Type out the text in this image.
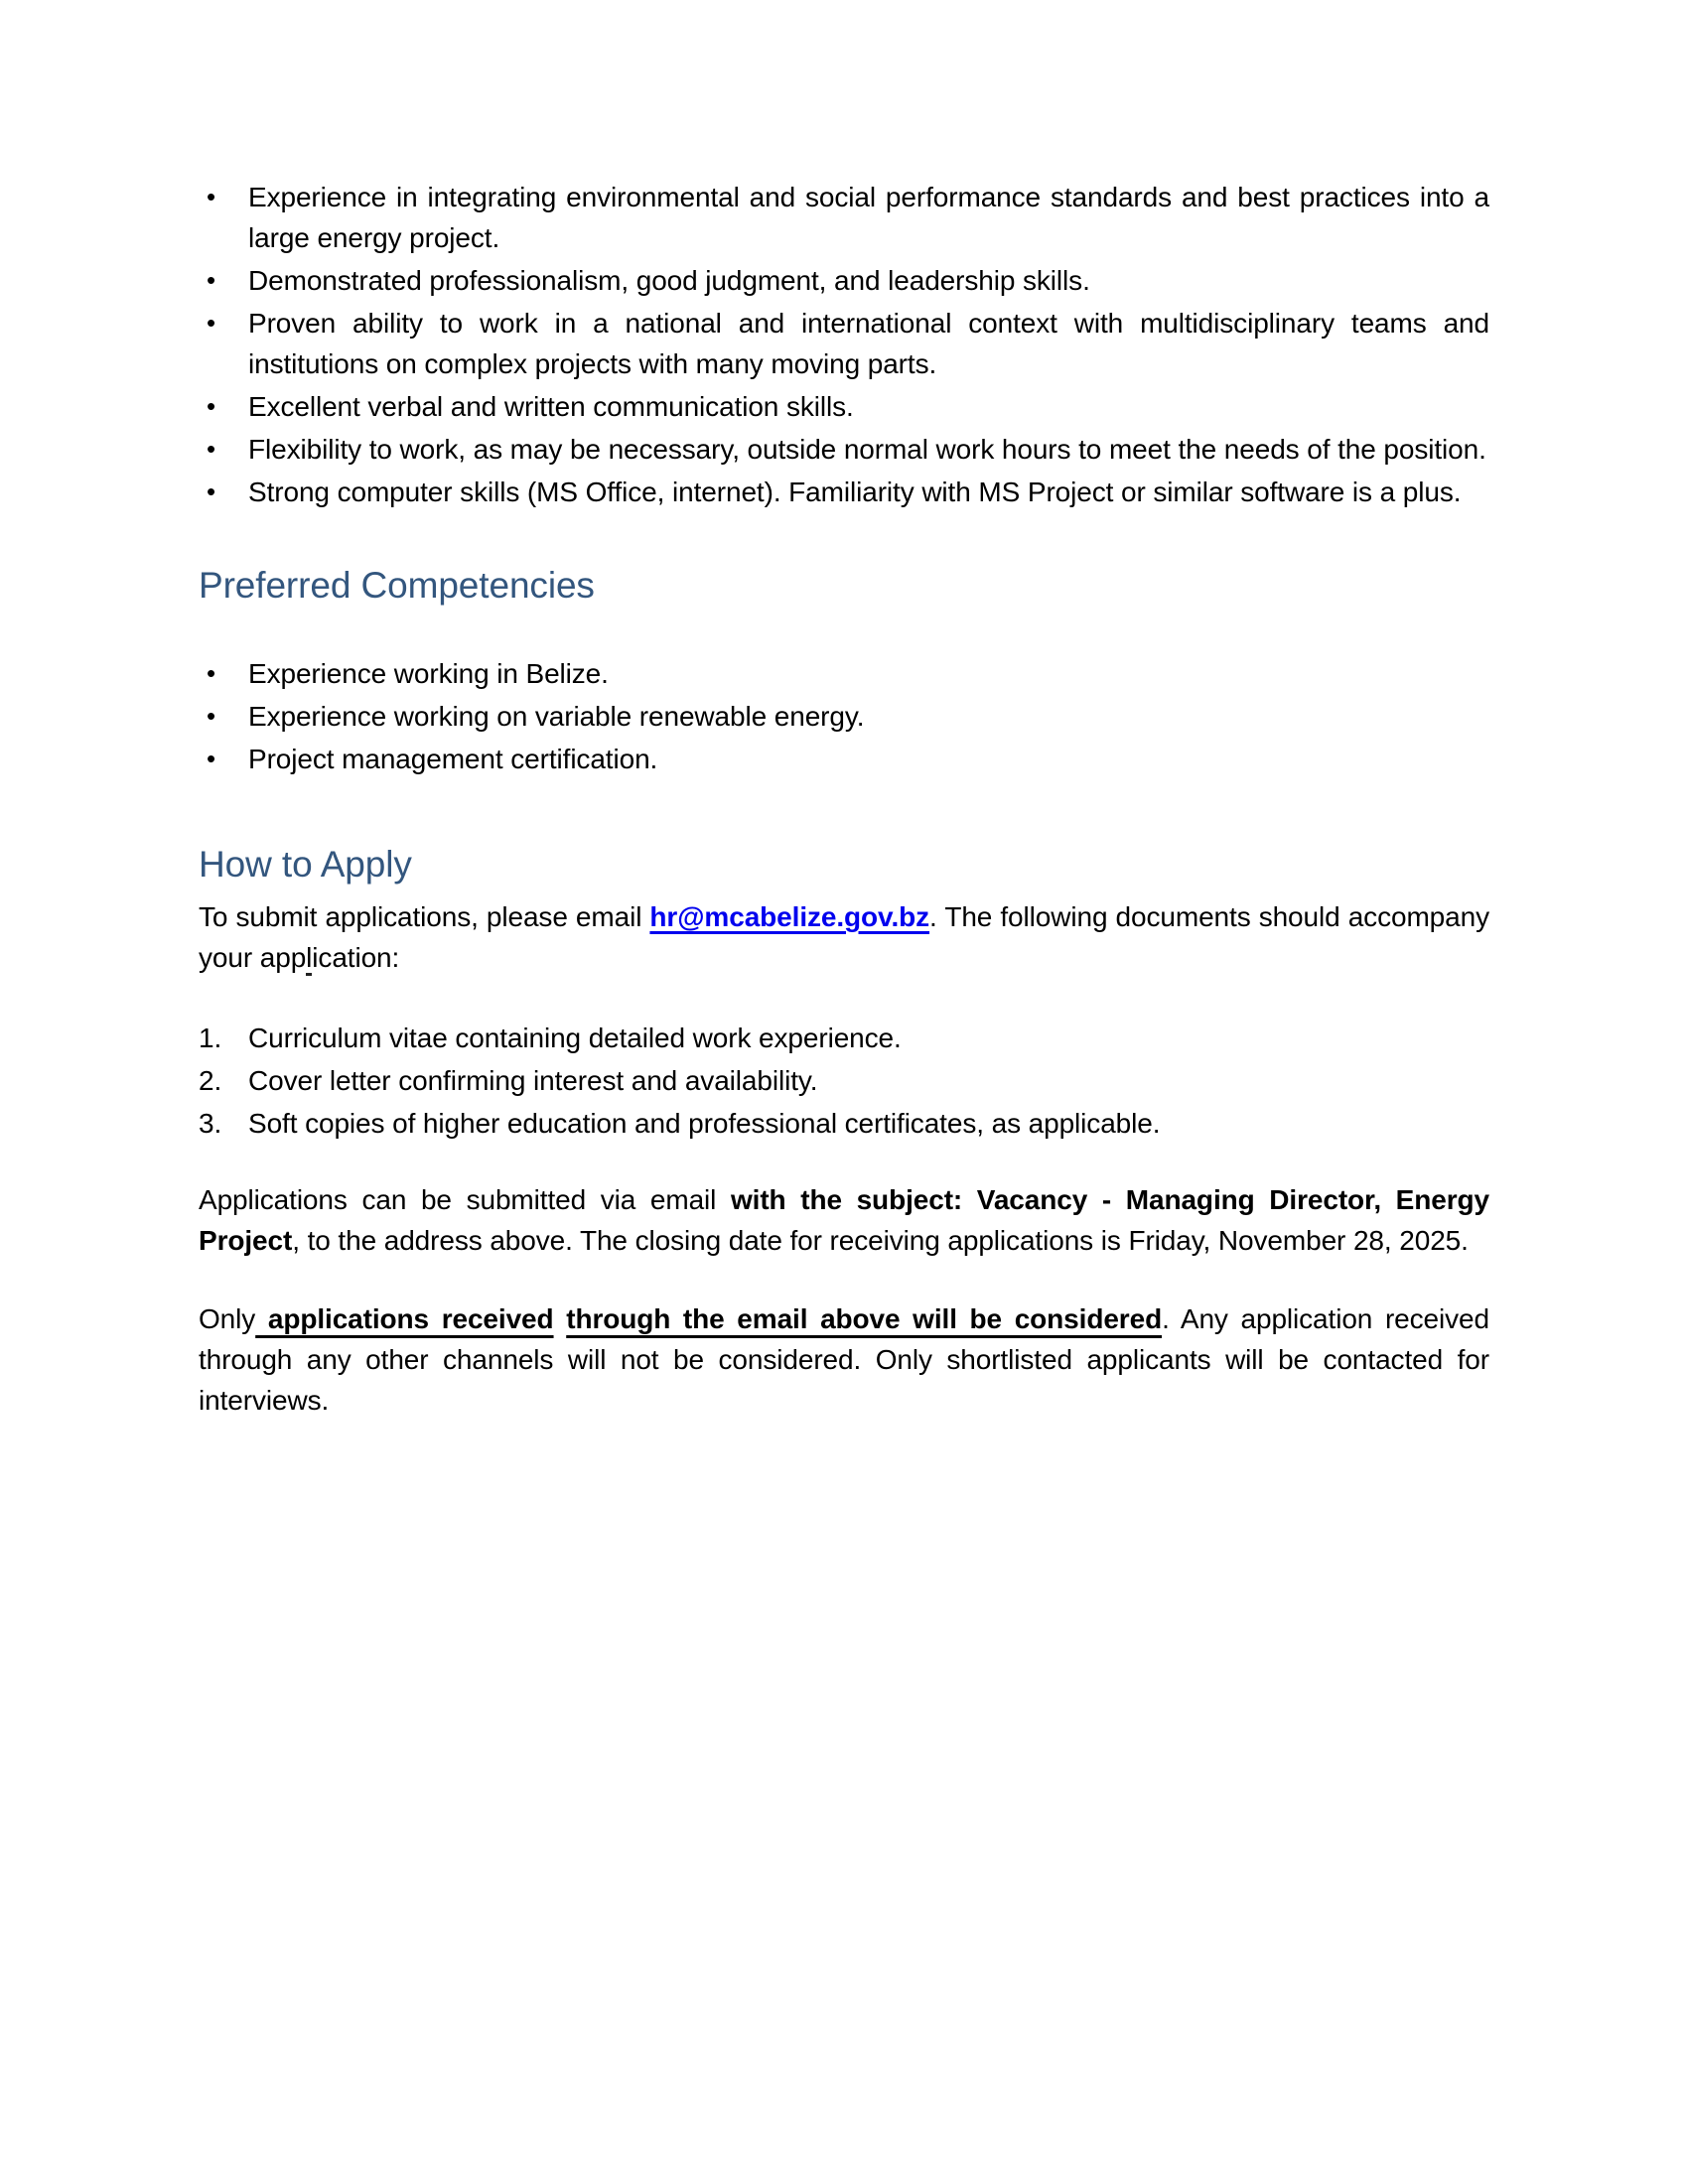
• Experience in integrating environmental and social performance standards and best practices into a large energy project.
• Demonstrated professionalism, good judgment, and leadership skills.
• Proven ability to work in a national and international context with multidisciplinary teams and institutions on complex projects with many moving parts.
• Excellent verbal and written communication skills.
• Flexibility to work, as may be necessary, outside normal work hours to meet the needs of the position.
• Strong computer skills (MS Office, internet). Familiarity with MS Project or similar software is a plus.
Preferred Competencies
• Experience working in Belize.
• Experience working on variable renewable energy.
• Project management certification.
How to Apply

To submit applications, please email hr@mcabelize.gov.bz. The following documents should accompany your application:

1. Curriculum vitae containing detailed work experience.
2. Cover letter confirming interest and availability.
3. Soft copies of higher education and professional certificates, as applicable.

Applications can be submitted via email with the subject: Vacancy - Managing Director, Energy Project, to the address above. The closing date for receiving applications is Friday, November 28, 2025.

Only applications received through the email above will be considered. Any application received through any other channels will not be considered. Only shortlisted applicants will be contacted for interviews.
